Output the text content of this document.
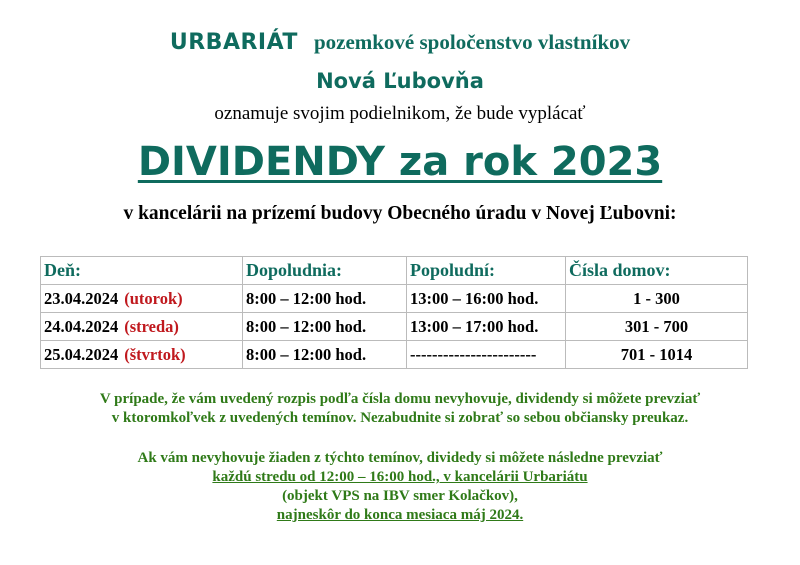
URBARIÁT pozemkové spoločenstvo vlastníkov
Nová Ľubovňa
oznamuje svojim podielnikom, že bude vyplácať
DIVIDENDY za rok 2023
v kancelárii na prízemí budovy Obecného úradu v Novej Ľubovni:
Deň:	Dopoludnia:	Popoludní:	Čísla domov:
23.04.2024 (utorok)	8:00 – 12:00 hod.	13:00 – 16:00 hod.	1 - 300
24.04.2024 (streda)	8:00 – 12:00 hod.	13:00 – 17:00 hod.	301 - 700
25.04.2024 (štvrtok)	8:00 – 12:00 hod.	-----------------------	701 - 1014
V prípade, že vám uvedený rozpis podľa čísla domu nevyhovuje, dividendy si môžete prevziať
v ktoromkoľvek z uvedených temínov. Nezabudnite si zobrať so sebou občiansky preukaz.
Ak vám nevyhovuje žiaden z týchto temínov, dividedy si môžete následne prevziať
každú stredu od 12:00 – 16:00 hod., v kancelárii Urbariátu
(objekt VPS na IBV smer Kolačkov),
najneskôr do konca mesiaca máj 2024.
